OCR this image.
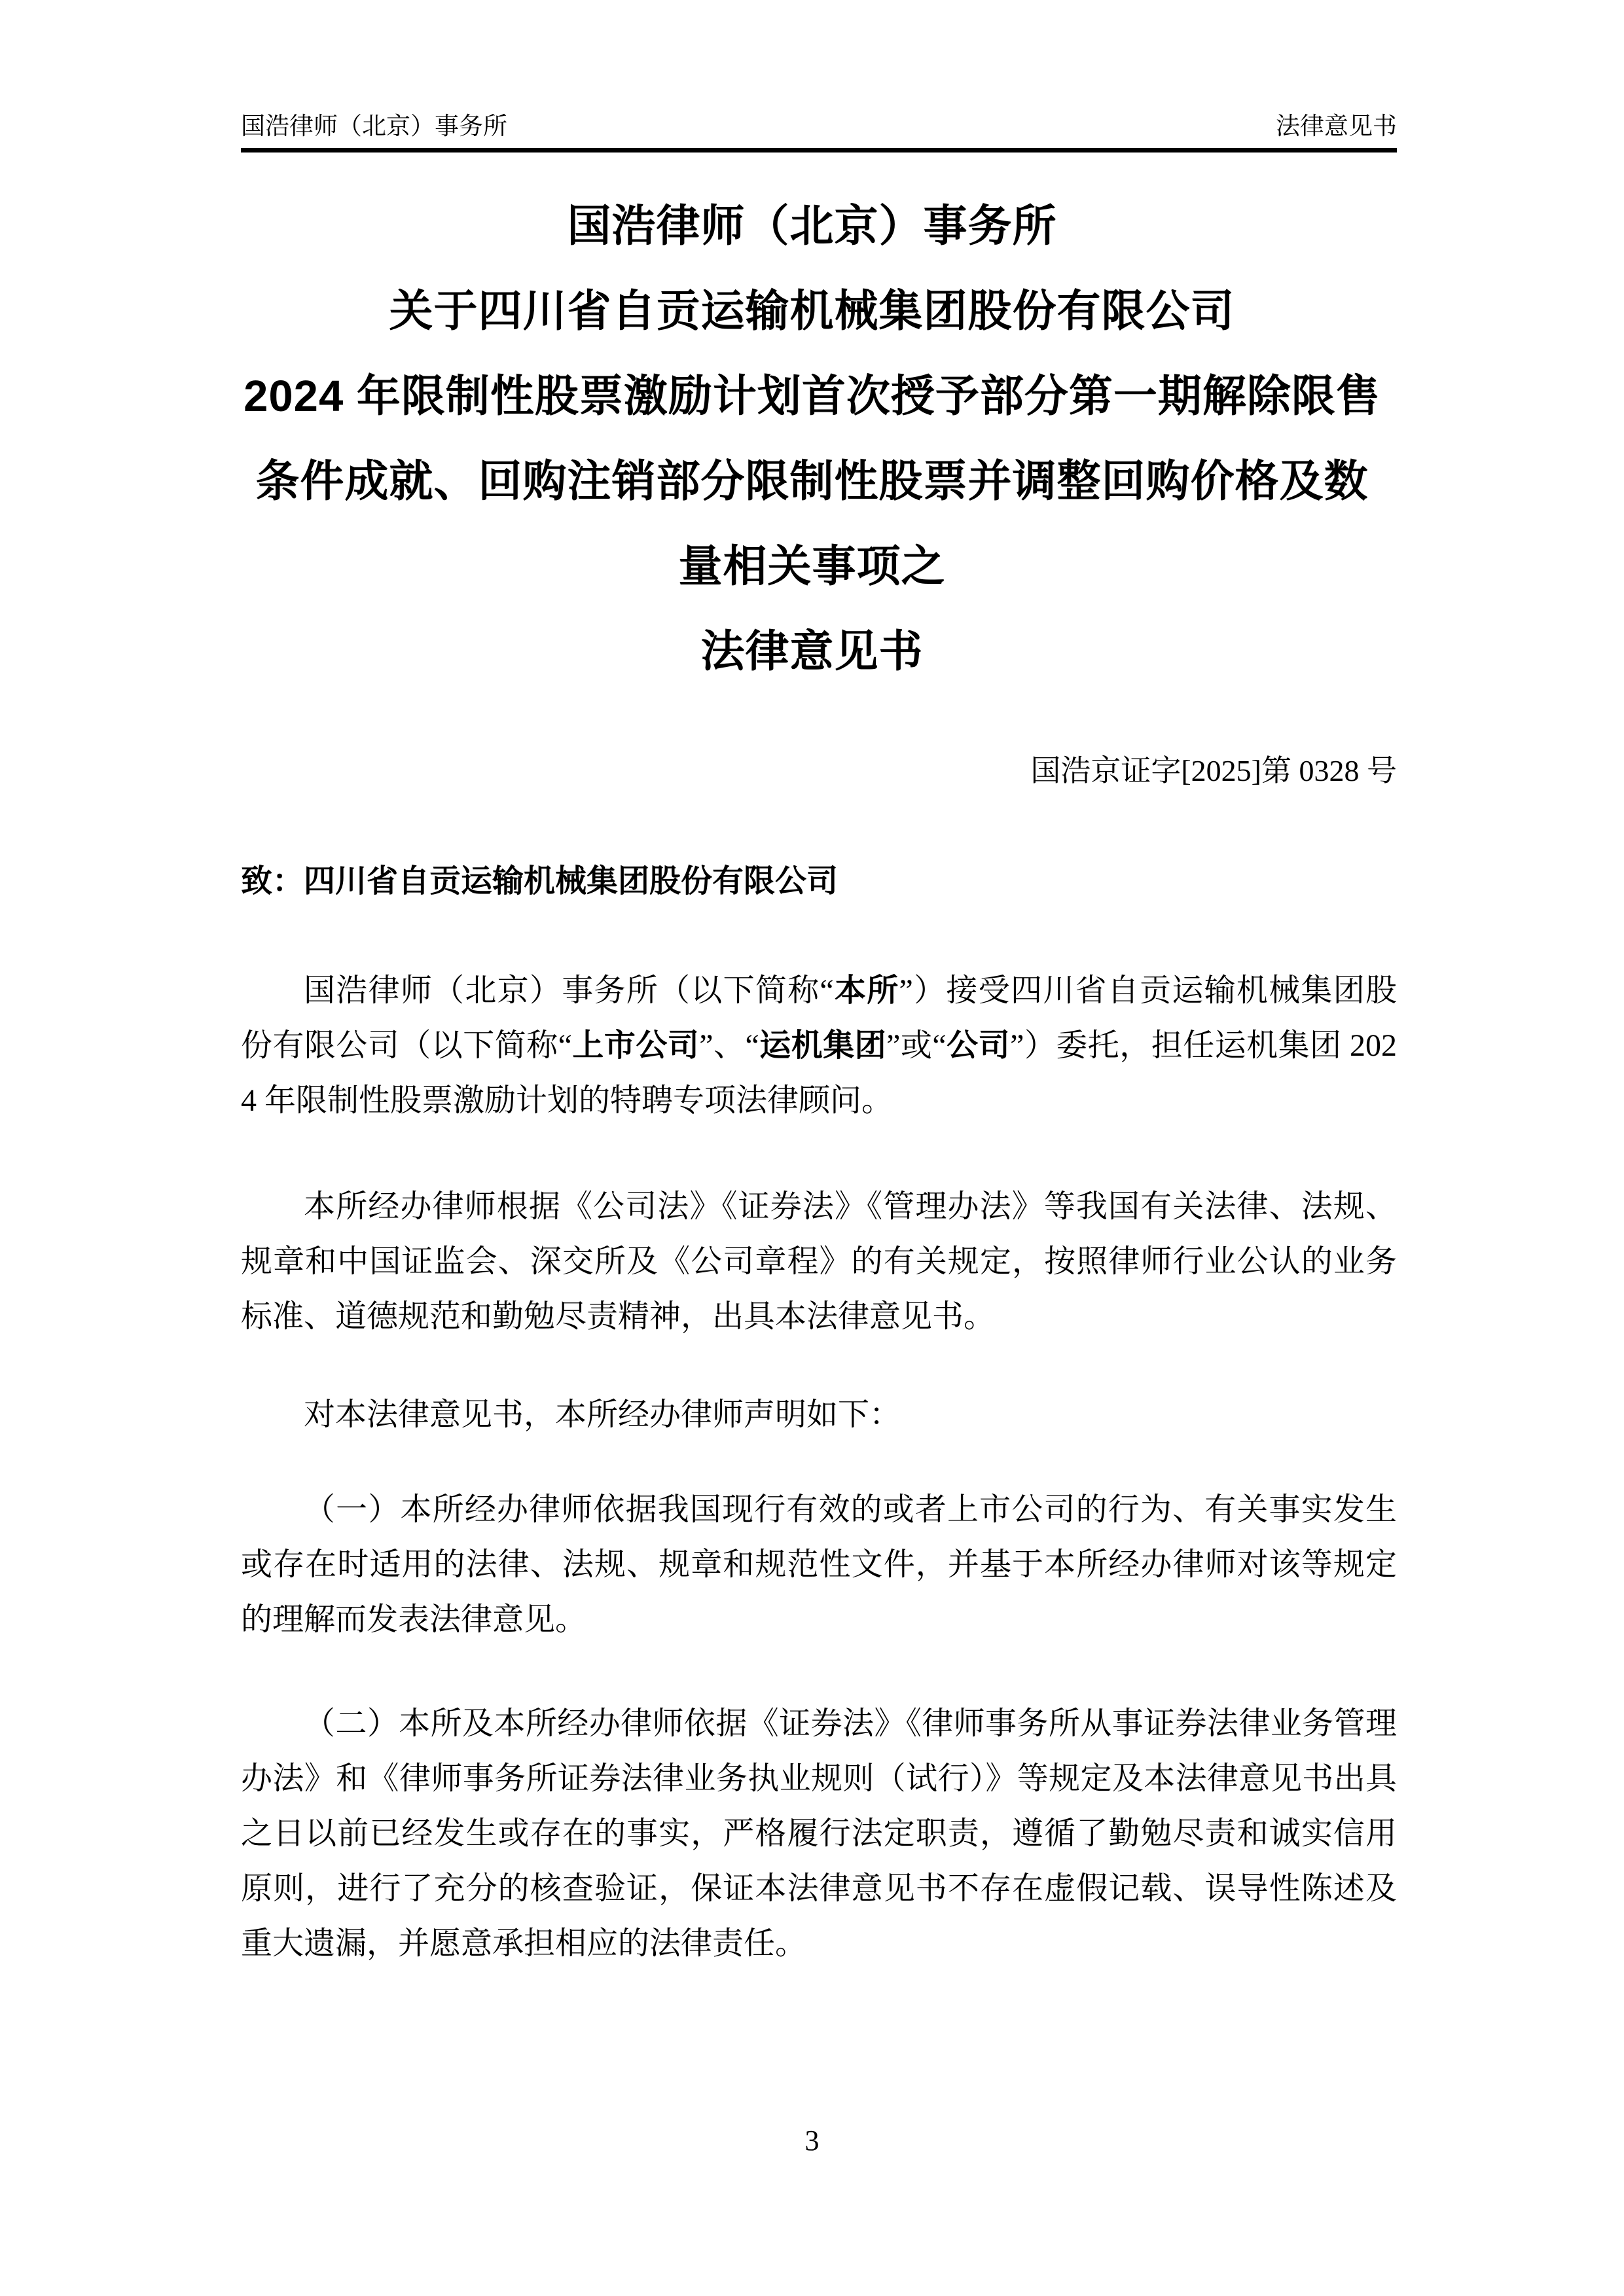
国浩律师（北京）事务所	法律意见书
国浩律师（北京）事务所
关于四川省自贡运输机械集团股份有限公司
2024 年限制性股票激励计划首次授予部分第一期解除限售
条件成就、回购注销部分限制性股票并调整回购价格及数
量相关事项之
法律意见书
国浩京证字[2025]第 0328 号
致：四川省自贡运输机械集团股份有限公司
国浩律师（北京）事务所（以下简称“本所”）接受四川省自贡运输机械集团股份有限公司（以下简称“上市公司”、“运机集团”或“公司”）委托，担任运机集团 2024 年限制性股票激励计划的特聘专项法律顾问。
本所经办律师根据《公司法》《证券法》《管理办法》等我国有关法律、法规、规章和中国证监会、深交所及《公司章程》的有关规定，按照律师行业公认的业务标准、道德规范和勤勉尽责精神，出具本法律意见书。
对本法律意见书，本所经办律师声明如下：
（一）本所经办律师依据我国现行有效的或者上市公司的行为、有关事实发生或存在时适用的法律、法规、规章和规范性文件，并基于本所经办律师对该等规定的理解而发表法律意见。
（二）本所及本所经办律师依据《证券法》《律师事务所从事证券法律业务管理办法》和《律师事务所证券法律业务执业规则（试行）》等规定及本法律意见书出具之日以前已经发生或存在的事实，严格履行法定职责，遵循了勤勉尽责和诚实信用原则，进行了充分的核查验证，保证本法律意见书不存在虚假记载、误导性陈述及重大遗漏，并愿意承担相应的法律责任。
3
